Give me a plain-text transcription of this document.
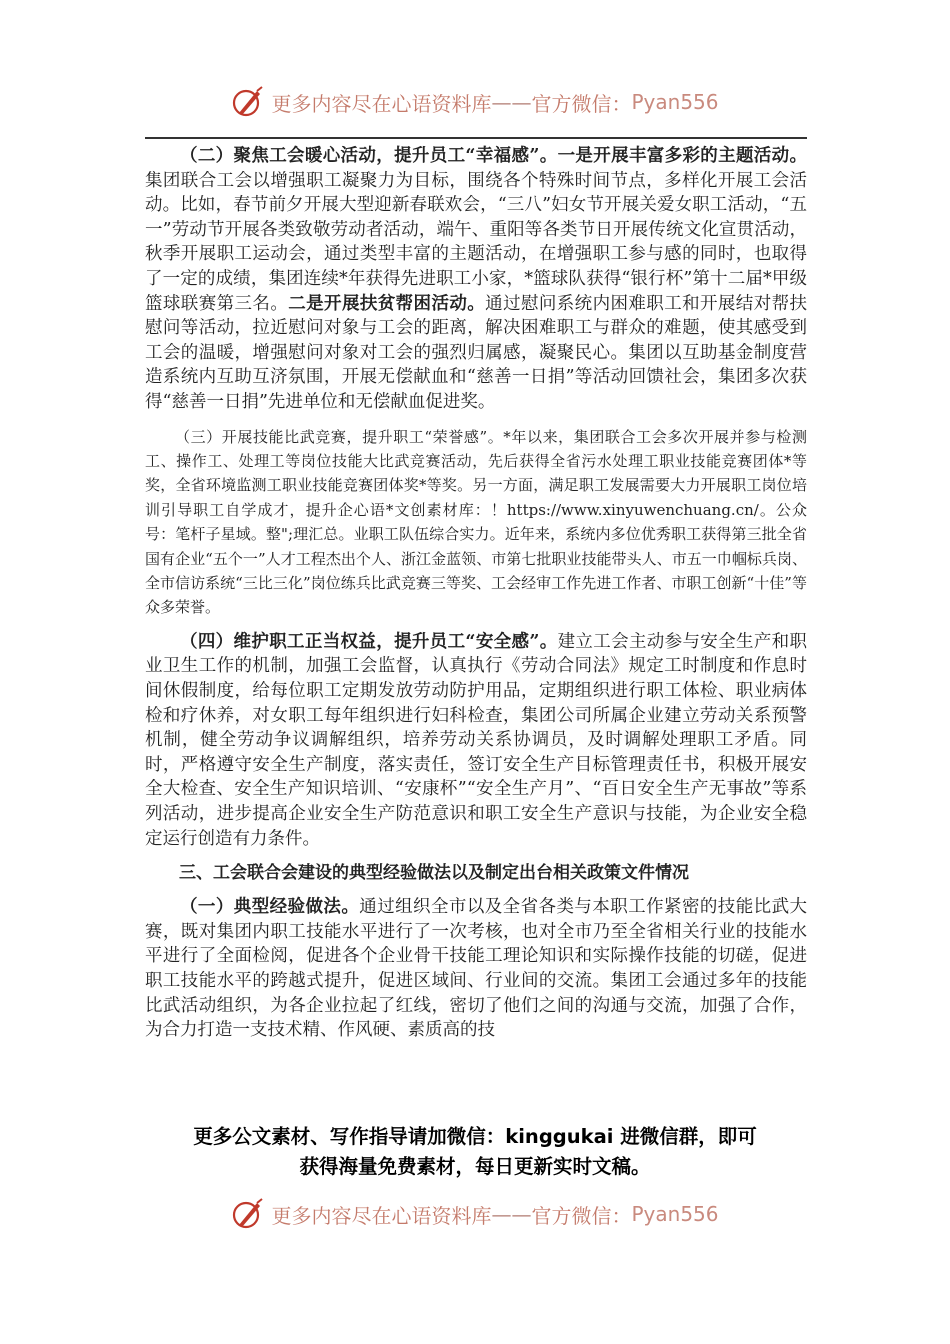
更多内容尽在心语资料库 —— 官方微信： Pyan556

（二）聚焦工会暖心活动，提升员工“幸福感”。一是开展丰富多彩的主题活动。集团联合工会以增强职工凝聚力为目标，围绕各个特殊时间节点，多样化开展工会活动。比如，春节前夕开展大型迎新春联欢会，“三八”妇女节开展关爱女职工活动，“五一”劳动节开展各类致敬劳动者活动，端午、重阳等各类节日开展传统文化宣贯活动，秋季开展职工运动会，通过类型丰富的主题活动，在增强职工参与感的同时，也取得了一定的成绩，集团连续*年获得先进职工小家，*篮球队获得“银行杯”第十二届*甲级篮球联赛第三名。二是开展扶贫帮困活动。通过慰问系统内困难职工和开展结对帮扶慰问等活动，拉近慰问对象与工会的距离，解决困难职工与群众的难题，使其感受到工会的温暖，增强慰问对象对工会的强烈归属感，凝聚民心。集团以互助基金制度营造系统内互助互济氛围，开展无偿献血和“慈善一日捐”等活动回馈社会，集团多次获得“慈善一日捐”先进单位和无偿献血促进奖。

（三）开展技能比武竞赛，提升职工“荣誉感”。*年以来，集团联合工会多次开展并参与检测工、操作工、处理工等岗位技能大比武竞赛活动，先后获得全省污水处理工职业技能竞赛团体*等奖，全省环境监测工职业技能竞赛团体奖*等奖。另一方面，满足职工发展需要大力开展职工岗位培训引导职工自学成才，提升企心语*文创素材库：！https://www.xinyuwenchuang.cn/。公众号：笔杆子星域。整";理汇总。业职工队伍综合实力。近年来，系统内多位优秀职工获得第三批全省国有企业“五个一”人才工程杰出个人、浙江金蓝领、市第七批职业技能带头人、市五一巾帼标兵岗、全市信访系统“三比三化”岗位练兵比武竞赛三等奖、工会经审工作先进工作者、市职工创新“十佳”等众多荣誉。

（四）维护职工正当权益，提升员工“安全感”。建立工会主动参与安全生产和职业卫生工作的机制，加强工会监督，认真执行《劳动合同法》规定工时制度和作息时间休假制度，给每位职工定期发放劳动防护用品，定期组织进行职工体检、职业病体检和疗休养，对女职工每年组织进行妇科检查，集团公司所属企业建立劳动关系预警机制，健全劳动争议调解组织，培养劳动关系协调员，及时调解处理职工矛盾。同时，严格遵守安全生产制度，落实责任，签订安全生产目标管理责任书，积极开展安全大检查、安全生产知识培训、“安康杯”“安全生产月”、“百日安全生产无事故”等系列活动，进步提高企业安全生产防范意识和职工安全生产意识与技能，为企业安全稳定运行创造有力条件。

三、工会联合会建设的典型经验做法以及制定出台相关政策文件情况

（一）典型经验做法。通过组织全市以及全省各类与本职工作紧密的技能比武大赛，既对集团内职工技能水平进行了一次考核，也对全市乃至全省相关行业的技能水平进行了全面检阅，促进各个企业骨干技能工理论知识和实际操作技能的切磋，促进职工技能水平的跨越式提升，促进区域间、行业间的交流。集团工会通过多年的技能比武活动组织，为各企业拉起了红线，密切了他们之间的沟通与交流，加强了合作，为合力打造一支技术精、作风硬、素质高的技

更多公文素材、写作指导请加微信：kinggukai 进微信群，即可
获得海量免费素材，每日更新实时文稿。
更多内容尽在心语资料库 —— 官方微信： Pyan556
